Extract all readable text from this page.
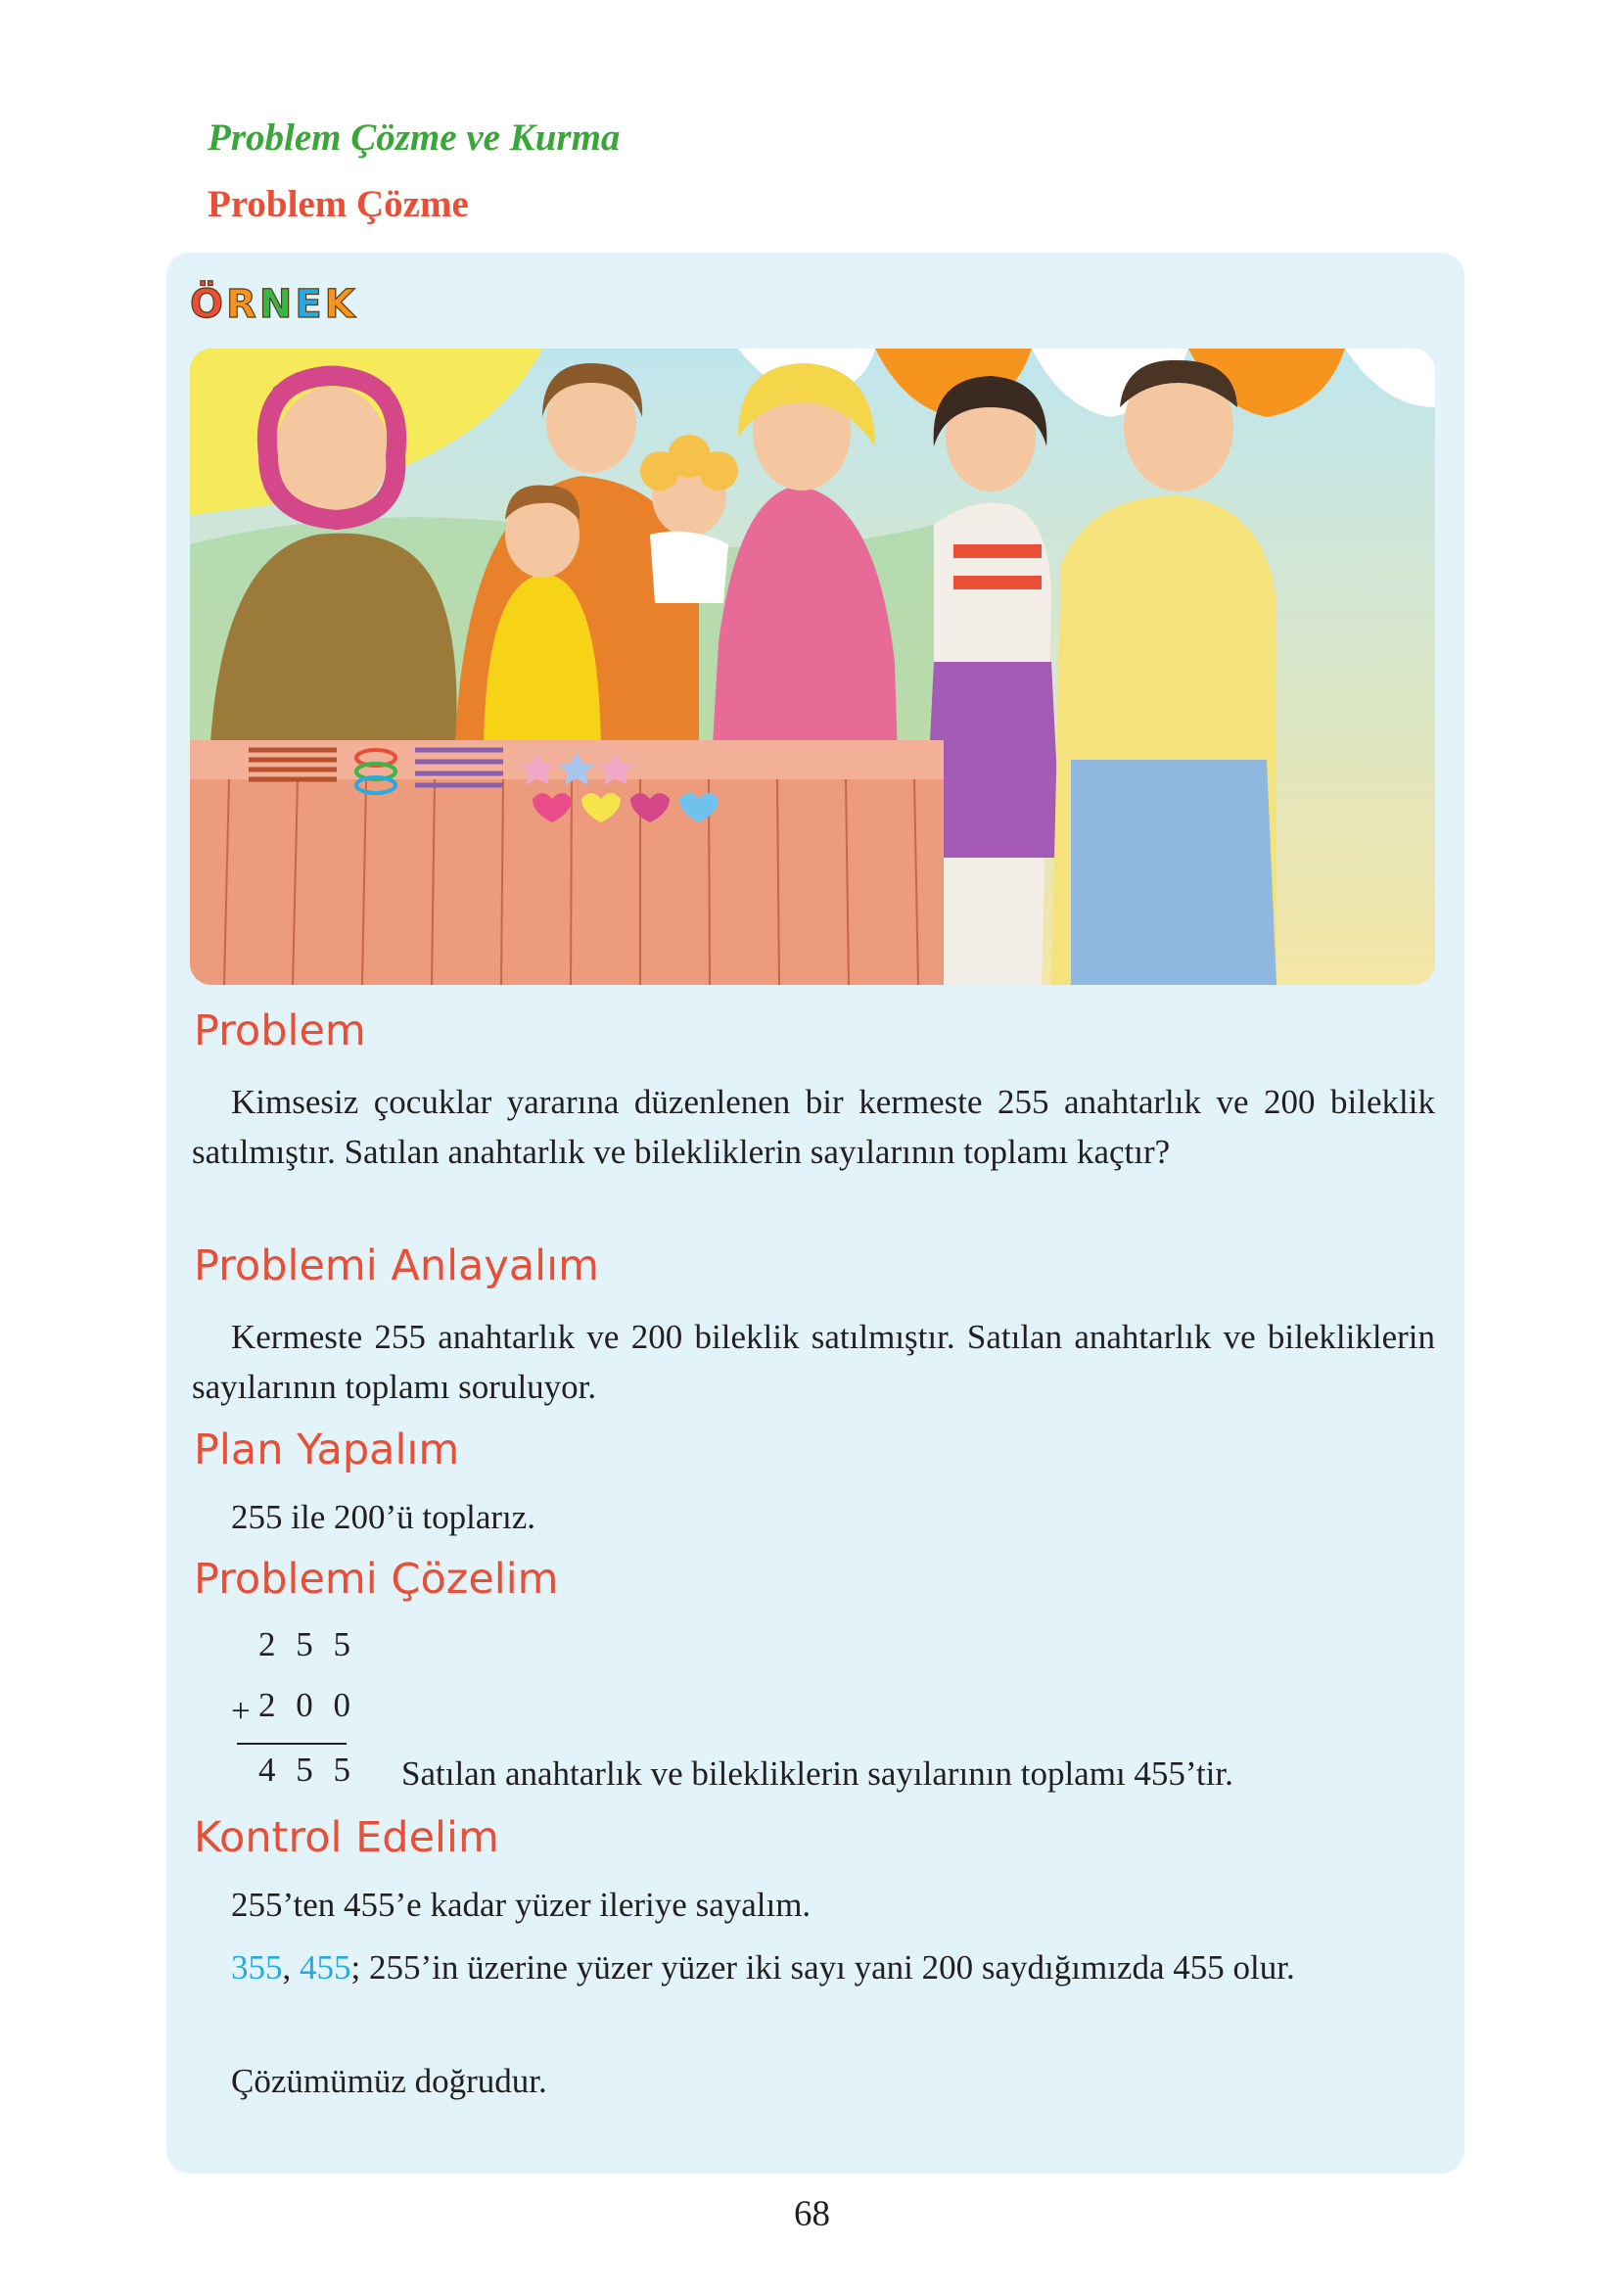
Problem Çözme ve Kurma
Problem Çözme
ÖRNEK
Problem
Kimsesiz çocuklar yararına düzenlenen bir kermeste 255 anahtarlık ve 200 bileklik satılmıştır. Satılan anahtarlık ve bilekliklerin sayılarının toplamı kaçtır?
Problemi Anlayalım
Kermeste 255 anahtarlık ve 200 bileklik satılmıştır. Satılan anahtarlık ve bilekliklerin sayılarının toplamı soruluyor.
Plan Yapalım
255 ile 200’ü toplarız.
Problemi Çözelim
2 5 5
+ 2 0 0
4 5 5 Satılan anahtarlık ve bilekliklerin sayılarının toplamı 455’tir.
Kontrol Edelim
255’ten 455’e kadar yüzer ileriye sayalım.
355, 455; 255’in üzerine yüzer yüzer iki sayı yani 200 saydığımızda 455 olur.
Çözümümüz doğrudur.
68
